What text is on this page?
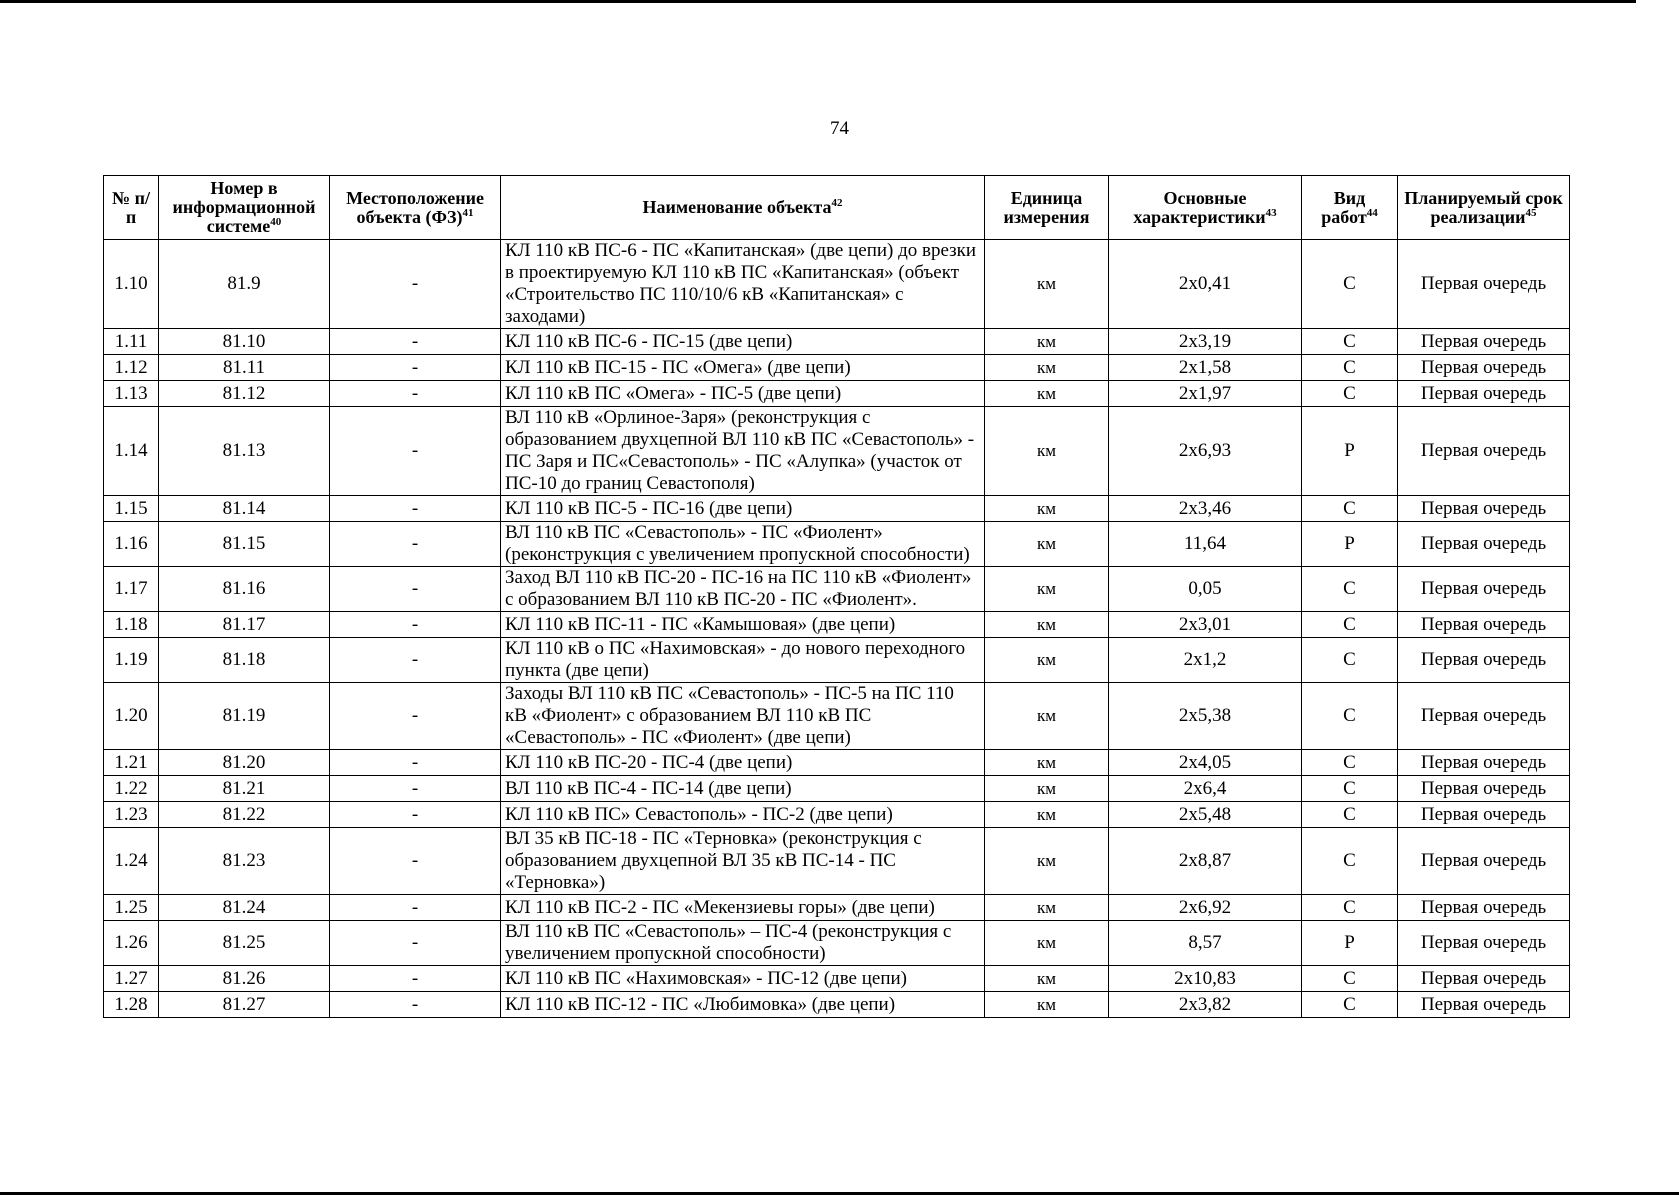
74
№ п/п	Номер в информационной системе$^{40}$	Местоположение объекта (ФЗ)$^{41}$	Наименование объекта$^{42}$	Единица измерения	Основные характеристики$^{43}$	Вид работ$^{44}$	Планируемый срок реализации$^{45}$
1.10	81.9	-	КЛ 110 кВ ПС-6 - ПС «Капитанская» (две цепи) до врезки в проектируемую КЛ 110 кВ ПС «Капитанская» (объект «Строительство ПС 110/10/6 кВ «Капитанская» с заходами)	км	2х0,41	С	Первая очередь
1.11	81.10	-	КЛ 110 кВ ПС-6 - ПС-15 (две цепи)	км	2х3,19	С	Первая очередь
1.12	81.11	-	КЛ 110 кВ ПС-15 - ПС «Омега» (две цепи)	км	2х1,58	С	Первая очередь
1.13	81.12	-	КЛ 110 кВ ПС «Омега» - ПС-5 (две цепи)	км	2х1,97	С	Первая очередь
1.14	81.13	-	ВЛ 110 кВ «Орлиное-Заря» (реконструкция с образованием двухцепной ВЛ 110 кВ ПС «Севастополь» - ПС Заря и ПС«Севастополь» - ПС «Алупка» (участок от ПС-10 до границ Севастополя)	км	2х6,93	Р	Первая очередь
1.15	81.14	-	КЛ 110 кВ ПС-5 - ПС-16 (две цепи)	км	2х3,46	С	Первая очередь
1.16	81.15	-	ВЛ 110 кВ ПС «Севастополь» - ПС «Фиолент» (реконструкция с увеличением пропускной способности)	км	11,64	Р	Первая очередь
1.17	81.16	-	Заход ВЛ 110 кВ ПС-20 - ПС-16 на ПС 110 кВ «Фиолент» с образованием ВЛ 110 кВ ПС-20 - ПС «Фиолент».	км	0,05	С	Первая очередь
1.18	81.17	-	КЛ 110 кВ ПС-11 - ПС «Камышовая» (две цепи)	км	2х3,01	С	Первая очередь
1.19	81.18	-	КЛ 110 кВ о ПС «Нахимовская» - до нового переходного пункта (две цепи)	км	2х1,2	С	Первая очередь
1.20	81.19	-	Заходы ВЛ 110 кВ ПС «Севастополь» - ПС-5 на ПС 110 кВ «Фиолент» с образованием ВЛ 110 кВ ПС «Севастополь» - ПС «Фиолент» (две цепи)	км	2х5,38	С	Первая очередь
1.21	81.20	-	КЛ 110 кВ ПС-20 - ПС-4 (две цепи)	км	2х4,05	С	Первая очередь
1.22	81.21	-	ВЛ 110 кВ ПС-4 - ПС-14 (две цепи)	км	2х6,4	С	Первая очередь
1.23	81.22	-	КЛ 110 кВ ПС» Севастополь» - ПС-2 (две цепи)	км	2х5,48	С	Первая очередь
1.24	81.23	-	ВЛ 35 кВ ПС-18 - ПС «Терновка» (реконструкция с образованием двухцепной ВЛ 35 кВ ПС-14 - ПС «Терновка»)	км	2х8,87	С	Первая очередь
1.25	81.24	-	КЛ 110 кВ ПС-2 - ПС «Мекензиевы горы» (две цепи)	км	2х6,92	С	Первая очередь
1.26	81.25	-	ВЛ 110 кВ ПС «Севастополь» – ПС-4 (реконструкция с увеличением пропускной способности)	км	8,57	Р	Первая очередь
1.27	81.26	-	КЛ 110 кВ ПС «Нахимовская» - ПС-12 (две цепи)	км	2х10,83	С	Первая очередь
1.28	81.27	-	КЛ 110 кВ ПС-12 - ПС «Любимовка» (две цепи)	км	2х3,82	С	Первая очередь
